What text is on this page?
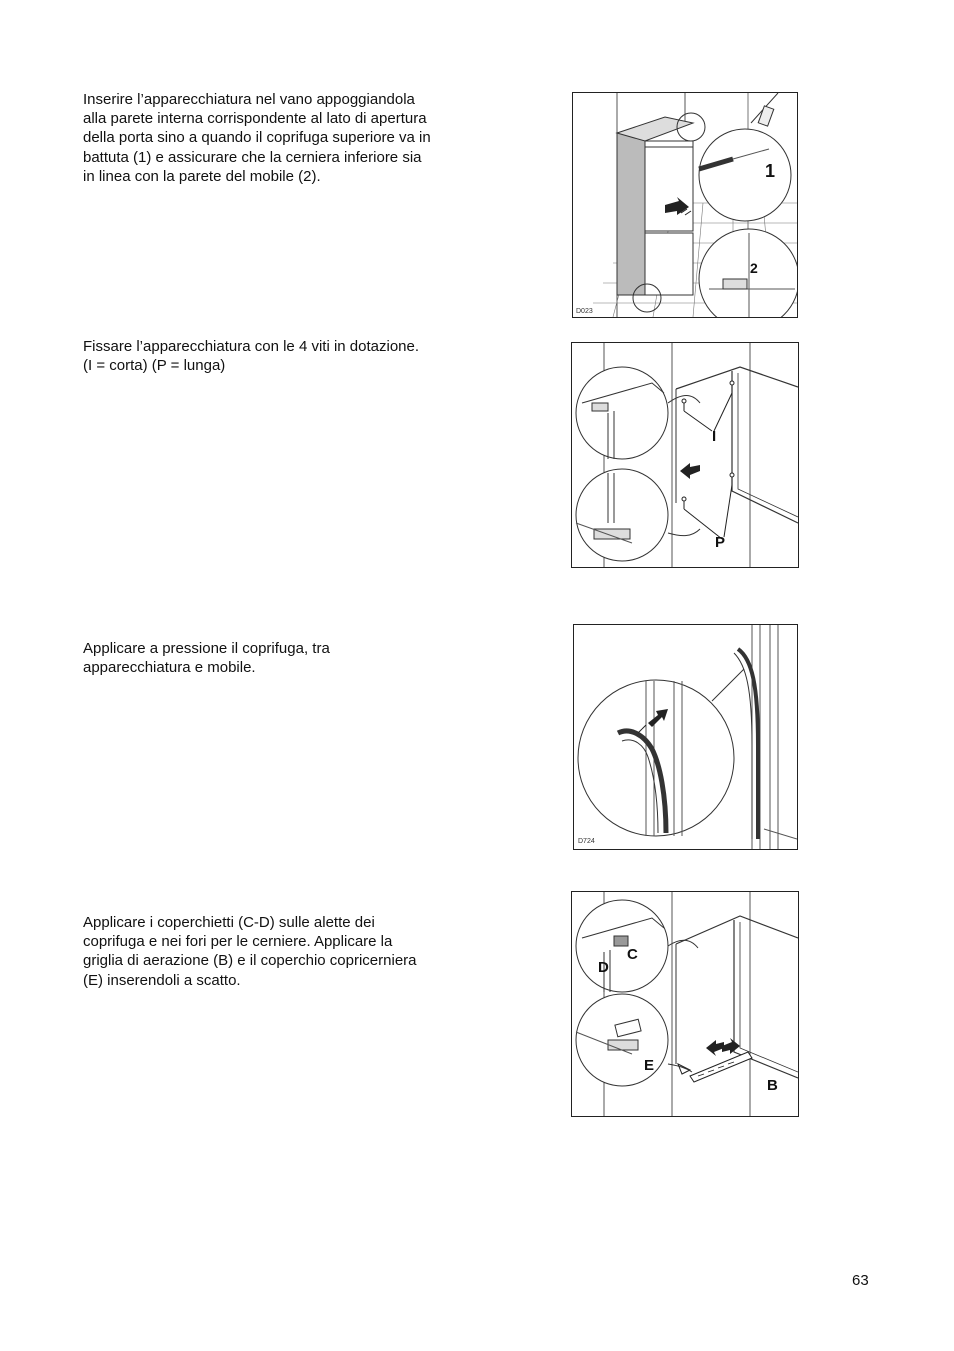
Inserire l’apparecchiatura nel vano appoggiandola
alla parete interna corrispondente al lato di apertura
della porta sino a quando il coprifuga superiore va in
battuta (1) e assicurare che la cerniera inferiore sia
in linea con la parete del mobile (2).	1
2
D023

Fissare l’apparecchiatura con le 4 viti in dotazione.
(I = corta) (P = lunga)

I
P

Applicare a pressione il coprifuga, tra
apparecchiatura e mobile.

D724

Applicare i coperchietti (C-D) sulle alette dei
coprifuga e nei fori per le cerniere. Applicare la
griglia di aerazione (B) e il coperchio copricerniera
(E) inserendoli a scatto.

C
D
E
B
63
